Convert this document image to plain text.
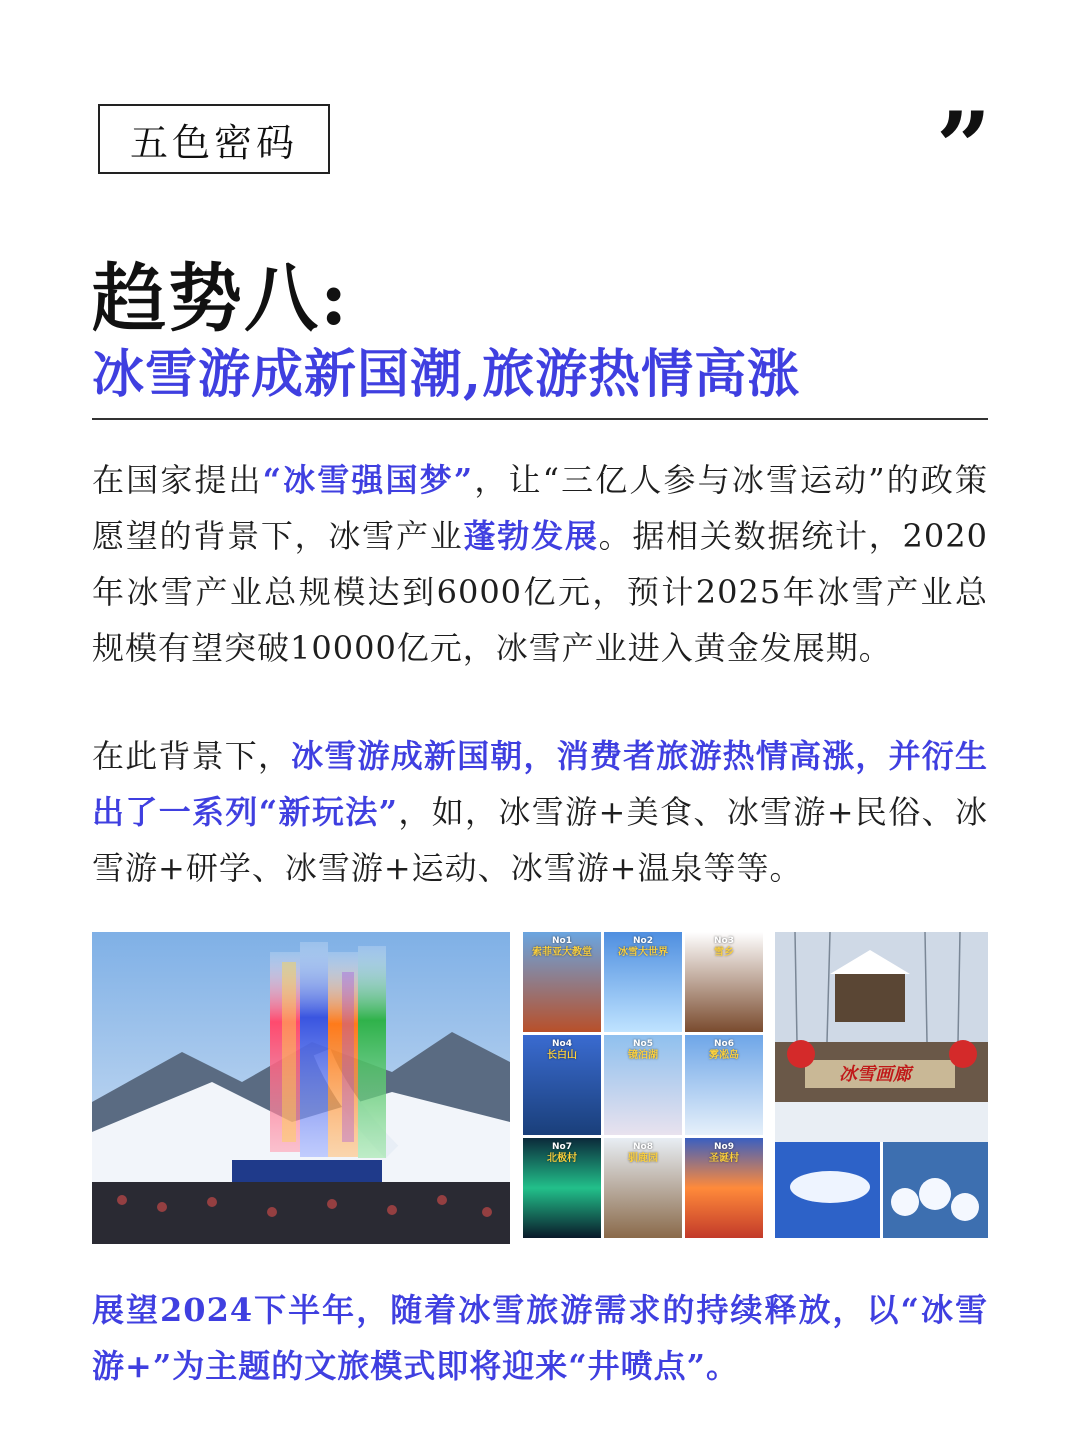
五色密码	”
趋势八:
冰雪游成新国潮,旅游热情高涨
在国家提出“冰雪强国梦”，让“三亿人参与冰雪运动”的政策愿望的背景下，冰雪产业蓬勃发展。据相关数据统计，2020年冰雪产业总规模达到6000亿元，预计2025年冰雪产业总规模有望突破10000亿元，冰雪产业进入黄金发展期。
在此背景下，冰雪游成新国朝，消费者旅游热情高涨，并衍生出了一系列“新玩法”，如，冰雪游+美食、冰雪游+民俗、冰雪游+研学、冰雪游+运动、冰雪游+温泉等等。
No1
索菲亚大教堂
No2
冰雪大世界
No3
雪乡
No4
长白山
No5
镜泊湖
No6
雾凇岛
No7
北极村
No8
驯鹿园
No9
圣诞村
冰雪画廊
展望2024下半年，随着冰雪旅游需求的持续释放，以“冰雪游+”为主题的文旅模式即将迎来“井喷点”。
